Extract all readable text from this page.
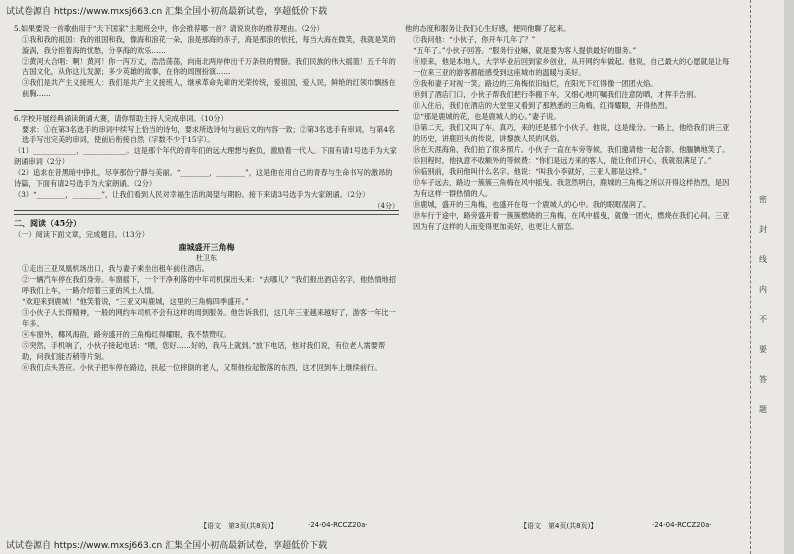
试试卷源自 https://www.mxsj663.cn 汇集全国小初高最新试卷，享超低价下载

5.如果要说一首歌曲用于“天下国家”主题班会中，你会推荐哪一首？请说说你的推荐理由。（2分）

①我和我的祖国：我的祖国和我，像海和浪花一朵，浪是那海的赤子，海是那浪的依托，每当大海在微笑，我就是笑的漩涡，我分担着海的忧愁，分享海的欢乐……

②黄河大合唱：啊！黄河！你一泻万丈，浩浩荡荡，向南北两岸伸出千万条铁的臂膀。我们民族的伟大摇篮！五千年的古国文化，从你这儿发源；多少英雄的故事，在你的周围扮演……

③我们是共产主义接班人：我们是共产主义接班人，继承革命先辈的光荣传统，爱祖国，爱人民，鲜艳的红领巾飘扬在前胸……

6.学校开展经典诵读朗诵大赛，请你帮助主持人完成串词。（10分）

要求：①在第3名选手的串词中续写上恰当的诗句，要求所选诗句与前后文的内容一致；②第3名选手有串词，与第4名选手写出完美的串词，使前后衔接自然（字数不少于15字）。

（1）____________，____________。这是那个年代的青年们的远大理想与抱负，激励着一代人。下面有请1号选手为大家朗诵串词（2分）

（2）追求在昔黑暗中挣扎，尽享那份宁静与美丽。“________，________”，这是他在用自己的青春与生命书写的激昂的诗篇，下面有请2号选手为大家朗诵。（2分）

（3）“________，________”，让我们看到人民对幸福生活的渴望与期盼。接下来请3号选手为大家朗诵。（2分）

（4分）

二、阅读（45分）

（一）阅读下面文章，完成题目。（13分）

鹿城盛开三角梅

杜卫东

①走出三亚凤凰机场出口，我与妻子乘坐出租车前往酒店。

②一辆汽车停在我们身旁。车窗摇下，一个干净利落的中年司机探出头来：“去哪儿？”我们报出酒店名字，他热情地招呼我们上车，一路介绍着三亚的风土人情。

“欢迎来到鹿城！”他笑着说，“三亚又叫鹿城，这里的三角梅四季盛开。”

③小伙子人长得精神，一般的网约车司机不会有这样的周到服务。他告诉我们，这几年三亚越来越好了，游客一年比一年多。

④车窗外，椰风海韵，路旁盛开的三角梅红得耀眼，我不禁赞叹。

⑤突然，手机响了，小伙子接起电话：“喂，您好……好的，我马上就到。”放下电话，他对我们说，有位老人需要帮助，问我们能否稍等片刻。

⑥我们点头答应。小伙子把车停在路边，扶起一位摔倒的老人，又帮他捡起散落的东西，这才回到车上继续前行。

他的态度和服务让我们心生好感，便同他聊了起来。

⑦我问他：“小伙子，你开车几年了？”

“五年了。”小伙子回答。“服务行业嘛，就是要为客人提供最好的服务。”

⑧原来，他是本地人，大学毕业后回到家乡创业，从开网约车做起。他说，自己最大的心愿就是让每一位来三亚的游客都能感受到这座城市的温暖与美好。

⑨我和妻子对视一笑。路边的三角梅依旧灿烂，在阳光下红得像一团团火焰。

⑩到了酒店门口，小伙子帮我们把行李搬下车，又细心地叮嘱我们注意防晒，才挥手告别。

⑪入住后，我们在酒店的大堂里又看到了那熟悉的三角梅，红得耀眼，开得热烈。

⑫“那是鹿城的花，也是鹿城人的心。”妻子说。

⑬第二天，我们又叫了车。真巧，来的还是那个小伙子。他说，这是缘分。一路上，他给我们讲三亚的历史，讲鹿回头的传说，讲黎族人民的风俗。

⑭在天涯海角，我们拍了很多照片。小伙子一直在车旁等候，我们邀请他一起合影，他腼腆地笑了。

⑮回程时，他执意不收额外的等候费：“你们是远方来的客人，能让你们开心，我就很满足了。”

⑯临别前，我问他叫什么名字。他说：“叫我小李就好，三亚人都是这样。”

⑰车子远去，路边一簇簇三角梅在风中摇曳。我忽然明白，鹿城的三角梅之所以开得这样热烈，是因为有这样一群热情的人。

⑱鹿城，盛开的三角梅，也盛开在每一个鹿城人的心中。我的眼眶湿润了。

⑲车行于途中，路旁盛开着一簇簇燃烧的三角梅，在风中摇曳，就像一团火，燃烧在我们心间。三亚因为有了这样的人而变得更加美好，也更让人留恋。

【语文　第3页(共8页)】	·24-04-RCCZ20a·	【语文　第4页(共8页)】	·24-04-RCCZ20a·
密
封
线
内
不
要
答
题
试试卷源自 https://www.mxsj663.cn 汇集全国小初高最新试卷，享超低价下载
